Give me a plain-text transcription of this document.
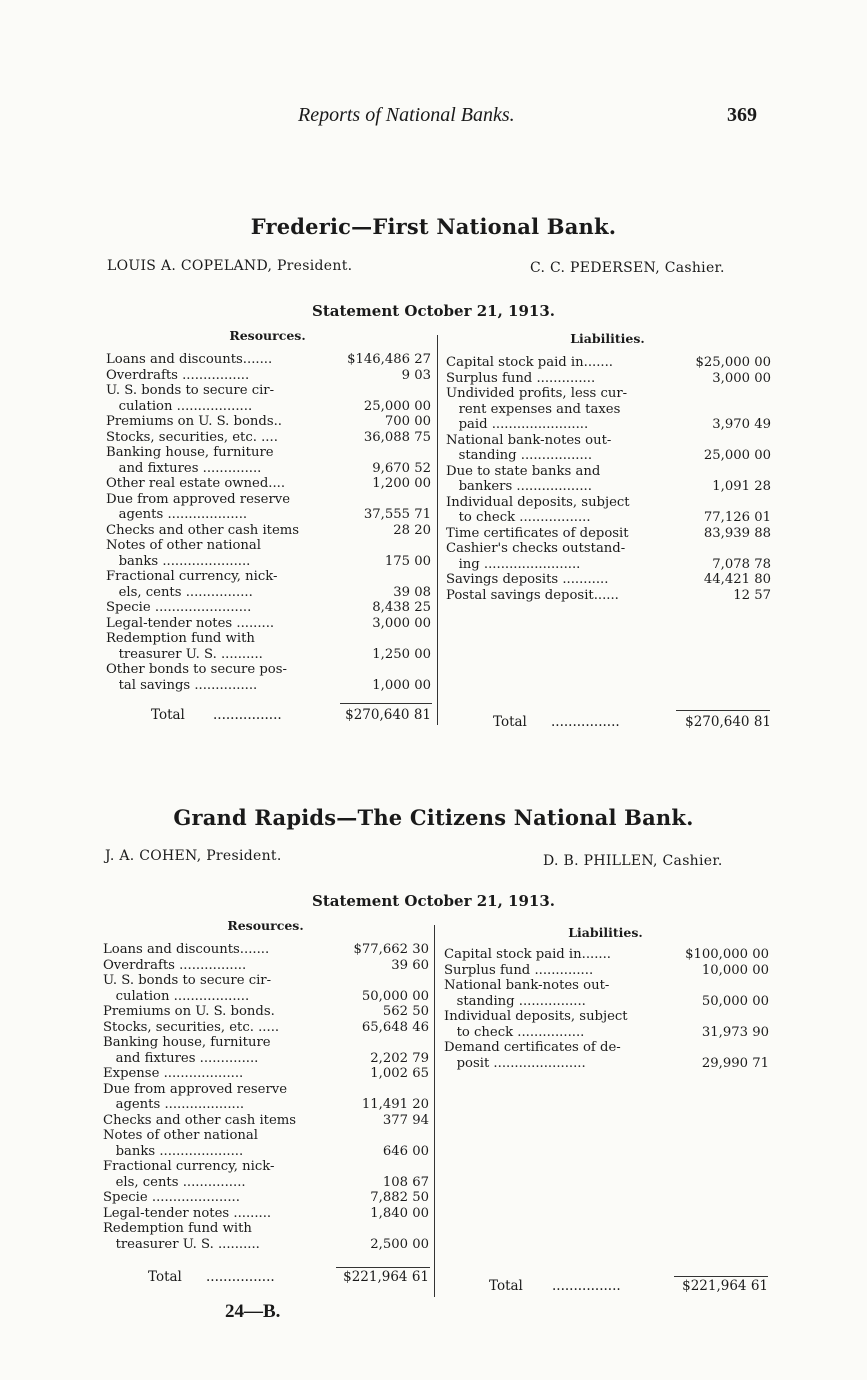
Reports of National Banks.	369
Frederic—First National Bank.
LOUIS A. COPELAND, President.	C. C. PEDERSEN, Cashier.
Statement October 21, 1913.
Resources.	Liabilities.
Loans and discounts.......	$146,486 27
Overdrafts ................	9 03
U. S. bonds to secure cir-
culation ..................	25,000 00
Premiums on U. S. bonds..	700 00
Stocks, securities, etc. ....	36,088 75
Banking house, furniture
and fixtures ..............	9,670 52
Other real estate owned....	1,200 00
Due from approved reserve
agents ...................	37,555 71
Checks and other cash items	28 20
Notes of other national
banks .....................	175 00
Fractional currency, nick-
els, cents ................	39 08
Specie .......................	8,438 25
Legal-tender notes .........	3,000 00
Redemption fund with
treasurer U. S. ..........	1,250 00
Other bonds to secure pos-
tal savings ...............	1,000 00
Capital stock paid in.......	$25,000 00
Surplus fund ..............	3,000 00
Undivided profits, less cur-
rent expenses and taxes
paid .......................	3,970 49
National bank-notes out-
standing .................	25,000 00
Due to state banks and
bankers ..................	1,091 28
Individual deposits, subject
to check .................	77,126 01
Time certificates of deposit	83,939 88
Cashier's checks outstand-
ing .......................	7,078 78
Savings deposits ...........	44,421 80
Postal savings deposit......	12 57
Total ................	$270,640 81	Total ................	$270,640 81
Grand Rapids—The Citizens National Bank.
J. A. COHEN, President.	D. B. PHILLEN, Cashier.
Statement October 21, 1913.
Resources.	Liabilities.
Loans and discounts.......	$77,662 30
Overdrafts ................	39 60
U. S. bonds to secure cir-
culation ..................	50,000 00
Premiums on U. S. bonds.	562 50
Stocks, securities, etc. .....	65,648 46
Banking house, furniture
and fixtures ..............	2,202 79
Expense ...................	1,002 65
Due from approved reserve
agents ...................	11,491 20
Checks and other cash items	377 94
Notes of other national
banks ....................	646 00
Fractional currency, nick-
els, cents ...............	108 67
Specie .....................	7,882 50
Legal-tender notes .........	1,840 00
Redemption fund with
treasurer U. S. ..........	2,500 00
Capital stock paid in.......	$100,000 00
Surplus fund ..............	10,000 00
National bank-notes out-
standing ................	50,000 00
Individual deposits, subject
to check ................	31,973 90
Demand certificates of de-
posit ......................	29,990 71
Total ................	$221,964 61
Total ................	$221,964 61
24—B.
